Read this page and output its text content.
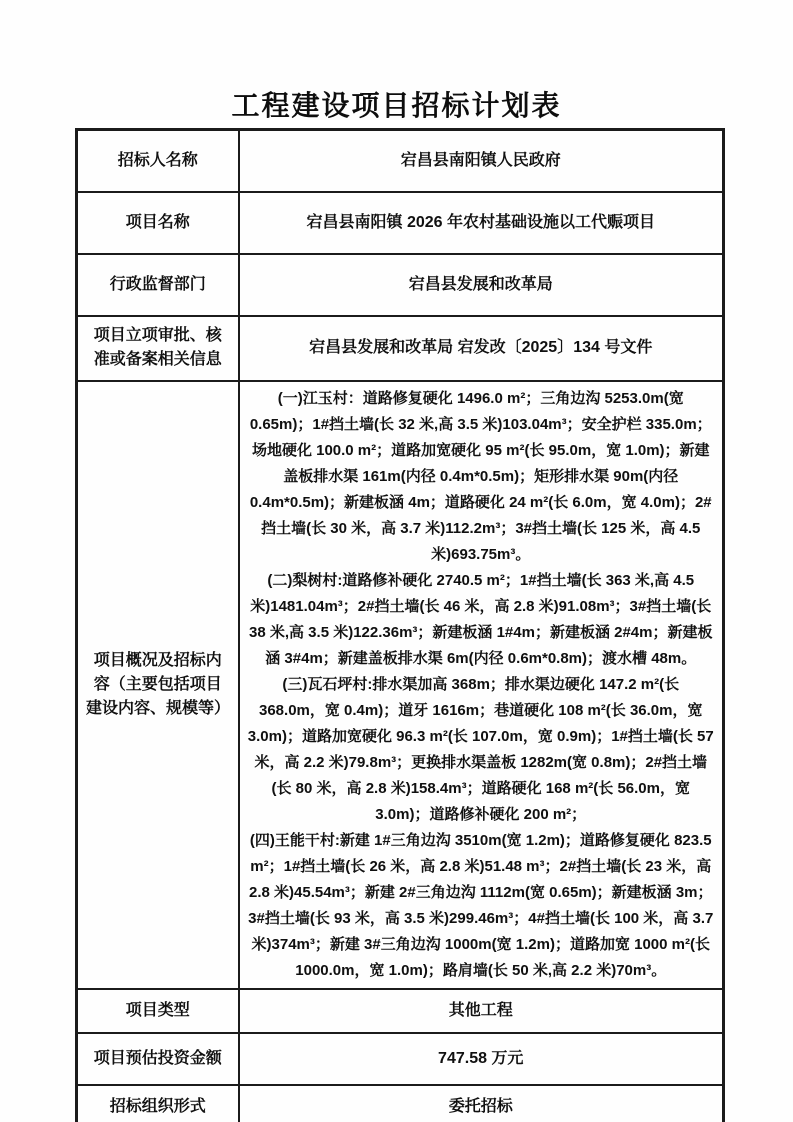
工程建设项目招标计划表
招标人名称	宕昌县南阳镇人民政府
项目名称	宕昌县南阳镇 2026 年农村基础设施以工代赈项目
行政监督部门	宕昌县发展和改革局
项目立项审批、核准或备案相关信息	宕昌县发展和改革局 宕发改〔2025〕134 号文件
项目概况及招标内容（主要包括项目建设内容、规模等）	(一)江玉村：道路修复硬化 1496.0 m²；三角边沟 5253.0m(宽 0.65m)；1#挡土墙(长 32 米,高 3.5 米)103.04m³；安全护栏 335.0m；场地硬化 100.0 m²；道路加宽硬化 95 m²(长 95.0m，宽 1.0m)；新建盖板排水渠 161m(内径 0.4m*0.5m)；矩形排水渠 90m(内径 0.4m*0.5m)；新建板涵 4m；道路硬化 24 m²(长 6.0m，宽 4.0m)；2#挡土墙(长 30 米，高 3.7 米)112.2m³；3#挡土墙(长 125 米，高 4.5 米)693.75m³。
(二)梨树村:道路修补硬化 2740.5 m²；1#挡土墙(长 363 米,高 4.5 米)1481.04m³；2#挡土墙(长 46 米，高 2.8 米)91.08m³；3#挡土墙(长 38 米,高 3.5 米)122.36m³；新建板涵 1#4m；新建板涵 2#4m；新建板涵 3#4m；新建盖板排水渠 6m(内径 0.6m*0.8m)；渡水槽 48m。
(三)瓦石坪村:排水渠加高 368m；排水渠边硬化 147.2 m²(长 368.0m，宽 0.4m)；道牙 1616m；巷道硬化 108 m²(长 36.0m，宽 3.0m)；道路加宽硬化 96.3 m²(长 107.0m，宽 0.9m)；1#挡土墙(长 57 米，高 2.2 米)79.8m³；更换排水渠盖板 1282m(宽 0.8m)；2#挡土墙(长 80 米，高 2.8 米)158.4m³；道路硬化 168 m²(长 56.0m，宽 3.0m)；道路修补硬化 200 m²；
(四)王能干村:新建 1#三角边沟 3510m(宽 1.2m)；道路修复硬化 823.5 m²；1#挡土墙(长 26 米，高 2.8 米)51.48 m³；2#挡土墙(长 23 米，高 2.8 米)45.54m³；新建 2#三角边沟 1112m(宽 0.65m)；新建板涵 3m；3#挡土墙(长 93 米，高 3.5 米)299.46m³；4#挡土墙(长 100 米，高 3.7 米)374m³；新建 3#三角边沟 1000m(宽 1.2m)；道路加宽 1000 m²(长 1000.0m，宽 1.0m)；路肩墙(长 50 米,高 2.2 米)70m³。

项目类型	其他工程
项目预估投资金额	747.58 万元
招标组织形式	委托招标
